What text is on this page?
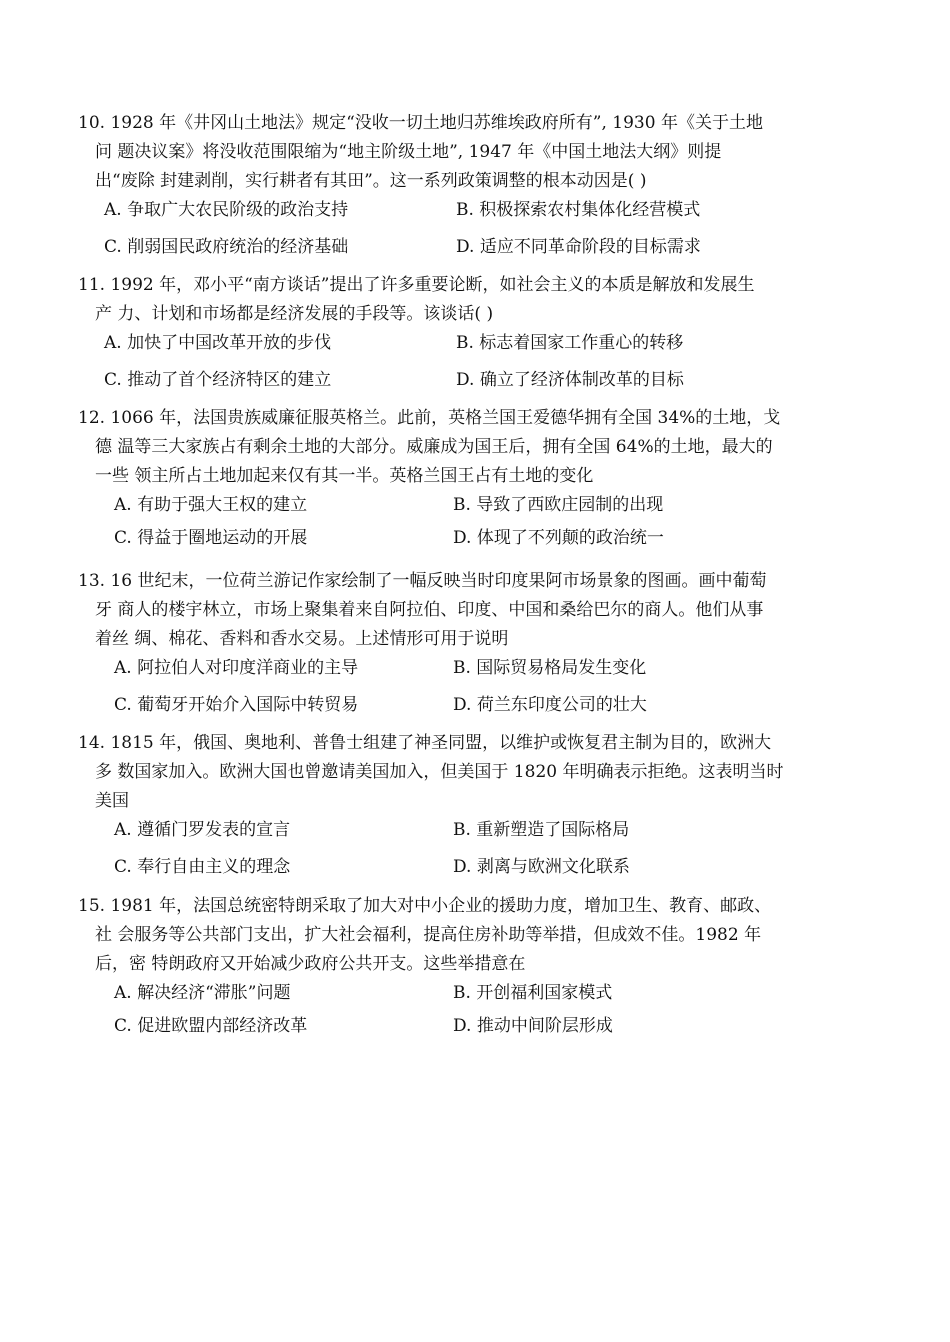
10. 1928 年《井冈山土地法》规定“没收一切土地归苏维埃政府所有”, 1930 年《关于土地
问 题决议案》将没收范围限缩为“地主阶级土地”, 1947 年《中国土地法大纲》则提
出“废除 封建剥削，实行耕者有其田”。这一系列政策调整的根本动因是( )
A. 争取广大农民阶级的政治支持	B. 积极探索农村集体化经营模式
C. 削弱国民政府统治的经济基础	D. 适应不同革命阶段的目标需求
11. 1992 年，邓小平“南方谈话”提出了许多重要论断，如社会主义的本质是解放和发展生
产 力、计划和市场都是经济发展的手段等。该谈话( )
A. 加快了中国改革开放的步伐	B. 标志着国家工作重心的转移
C. 推动了首个经济特区的建立	D. 确立了经济体制改革的目标
12. 1066 年，法国贵族威廉征服英格兰。此前，英格兰国王爱德华拥有全国 34%的土地，戈
德 温等三大家族占有剩余土地的大部分。威廉成为国王后，拥有全国 64%的土地，最大的
一些 领主所占土地加起来仅有其一半。英格兰国王占有土地的变化
A. 有助于强大王权的建立	B. 导致了西欧庄园制的出现
C. 得益于圈地运动的开展	D. 体现了不列颠的政治统一
13. 16 世纪末，一位荷兰游记作家绘制了一幅反映当时印度果阿市场景象的图画。画中葡萄
牙 商人的楼宇林立，市场上聚集着来自阿拉伯、印度、中国和桑给巴尔的商人。他们从事
着丝 绸、棉花、香料和香水交易。上述情形可用于说明
A. 阿拉伯人对印度洋商业的主导	B. 国际贸易格局发生变化
C. 葡萄牙开始介入国际中转贸易	D. 荷兰东印度公司的壮大
14. 1815 年，俄国、奥地利、普鲁士组建了神圣同盟，以维护或恢复君主制为目的，欧洲大
多 数国家加入。欧洲大国也曾邀请美国加入，但美国于 1820 年明确表示拒绝。这表明当时
美国
A. 遵循门罗发表的宣言	B. 重新塑造了国际格局
C. 奉行自由主义的理念	D. 剥离与欧洲文化联系
15. 1981 年，法国总统密特朗采取了加大对中小企业的援助力度，增加卫生、教育、邮政、
社 会服务等公共部门支出，扩大社会福利，提高住房补助等举措，但成效不佳。1982 年
后，密 特朗政府又开始减少政府公共开支。这些举措意在
A. 解决经济“滞胀”问题	B. 开创福利国家模式
C. 促进欧盟内部经济改革	D. 推动中间阶层形成
